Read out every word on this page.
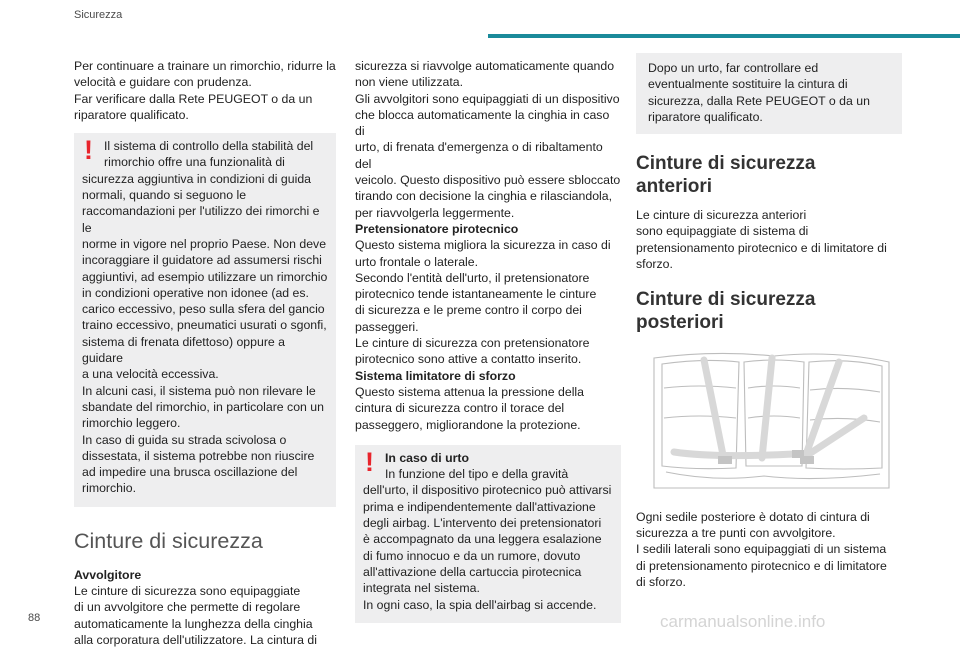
Sicurezza

Per continuare a trainare un rimorchio, ridurre la

velocità e guidare con prudenza.

Far verificare dalla Rete PEUGEOT o da un

riparatore qualificato.

! Il sistema di controllo della stabilità del

rimorchio offre una funzionalità di

sicurezza aggiuntiva in condizioni di guida

normali, quando si seguono le

raccomandazioni per l'utilizzo dei rimorchi e le

norme in vigore nel proprio Paese. Non deve

incoraggiare il guidatore ad assumersi rischi

aggiuntivi, ad esempio utilizzare un rimorchio

in condizioni operative non idonee (ad es.

carico eccessivo, peso sulla sfera del gancio

traino eccessivo, pneumatici usurati o sgonfi,

sistema di frenata difettoso) oppure a guidare

a una velocità eccessiva.

In alcuni casi, il sistema può non rilevare le

sbandate del rimorchio, in particolare con un

rimorchio leggero.

In caso di guida su strada scivolosa o

dissestata, il sistema potrebbe non riuscire

ad impedire una brusca oscillazione del

rimorchio.

Cinture di sicurezza

Avvolgitore

Le cinture di sicurezza sono equipaggiate

di un avvolgitore che permette di regolare

automaticamente la lunghezza della cinghia

alla corporatura dell'utilizzatore. La cintura di

sicurezza si riavvolge automaticamente quando

non viene utilizzata.

Gli avvolgitori sono equipaggiati di un dispositivo

che blocca automaticamente la cinghia in caso di

urto, di frenata d'emergenza o di ribaltamento del

veicolo. Questo dispositivo può essere sbloccato

tirando con decisione la cinghia e rilasciandola,

per riavvolgerla leggermente.

Pretensionatore pirotecnico

Questo sistema migliora la sicurezza in caso di

urto frontale o laterale.

Secondo l'entità dell'urto, il pretensionatore

pirotecnico tende istantaneamente le cinture

di sicurezza e le preme contro il corpo dei

passeggeri.

Le cinture di sicurezza con pretensionatore

pirotecnico sono attive a contatto inserito.

Sistema limitatore di sforzo

Questo sistema attenua la pressione della

cintura di sicurezza contro il torace del

passeggero, migliorandone la protezione.

! In caso di urto

In funzione del tipo e della gravità

dell'urto, il dispositivo pirotecnico può attivarsi

prima e indipendentemente dall'attivazione

degli airbag. L'intervento dei pretensionatori

è accompagnato da una leggera esalazione

di fumo innocuo e da un rumore, dovuto

all'attivazione della cartuccia pirotecnica

integrata nel sistema.

In ogni caso, la spia dell'airbag si accende.

Dopo un urto, far controllare ed

eventualmente sostituire la cintura di

sicurezza, dalla Rete PEUGEOT o da un

riparatore qualificato.

Cinture di sicurezza
anteriori

Le cinture di sicurezza anteriori

sono equipaggiate di sistema di

pretensionamento pirotecnico e di limitatore di

sforzo.

Cinture di sicurezza
posteriori

Ogni sedile posteriore è dotato di cintura di

sicurezza a tre punti con avvolgitore.

I sedili laterali sono equipaggiati di un sistema

di pretensionamento pirotecnico e di limitatore

di sforzo.

88	carmanualsonline.info
